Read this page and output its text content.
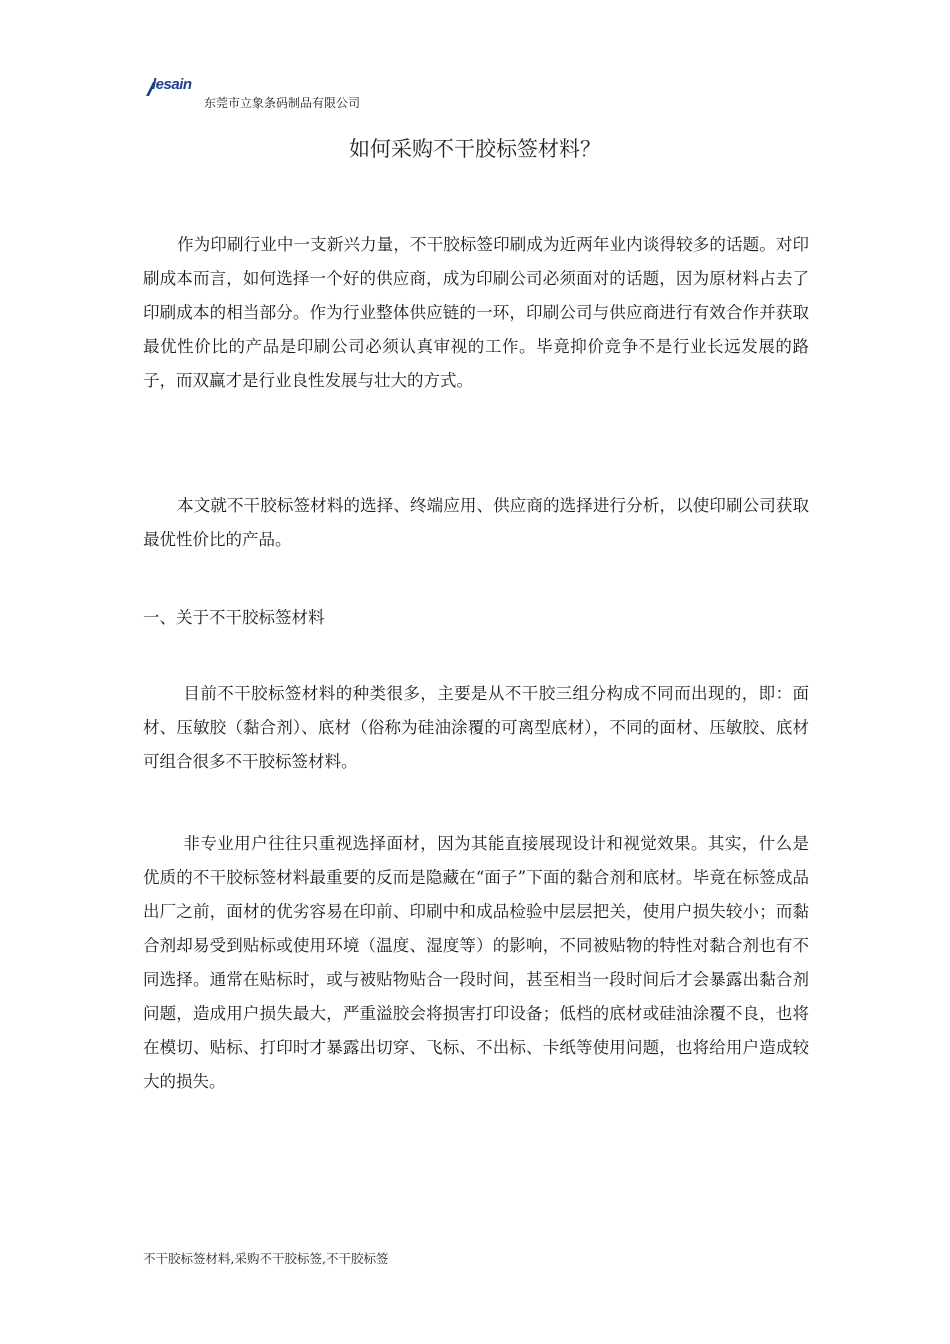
lesain
东莞市立象条码制品有限公司
如何采购不干胶标签材料？
作为印刷行业中一支新兴力量，不干胶标签印刷成为近两年业内谈得较多的话题。对印刷成本而言，如何选择一个好的供应商，成为印刷公司必须面对的话题，因为原材料占去了印刷成本的相当部分。作为行业整体供应链的一环，印刷公司与供应商进行有效合作并获取最优性价比的产品是印刷公司必须认真审视的工作。毕竟抑价竞争不是行业长远发展的路子，而双赢才是行业良性发展与壮大的方式。
本文就不干胶标签材料的选择、终端应用、供应商的选择进行分析，以使印刷公司获取最优性价比的产品。
一、关于不干胶标签材料
目前不干胶标签材料的种类很多，主要是从不干胶三组分构成不同而出现的，即：面材、压敏胶（黏合剂）、底材（俗称为硅油涂覆的可离型底材），不同的面材、压敏胶、底材可组合很多不干胶标签材料。
非专业用户往往只重视选择面材，因为其能直接展现设计和视觉效果。其实，什么是优质的不干胶标签材料最重要的反而是隐藏在“面子”下面的黏合剂和底材。毕竟在标签成品出厂之前，面材的优劣容易在印前、印刷中和成品检验中层层把关，使用户损失较小；而黏合剂却易受到贴标或使用环境（温度、湿度等）的影响，不同被贴物的特性对黏合剂也有不同选择。通常在贴标时，或与被贴物贴合一段时间，甚至相当一段时间后才会暴露出黏合剂问题，造成用户损失最大，严重溢胶会将损害打印设备；低档的底材或硅油涂覆不良，也将在模切、贴标、打印时才暴露出切穿、飞标、不出标、卡纸等使用问题，也将给用户造成较大的损失。
不干胶标签材料,采购不干胶标签,不干胶标签
